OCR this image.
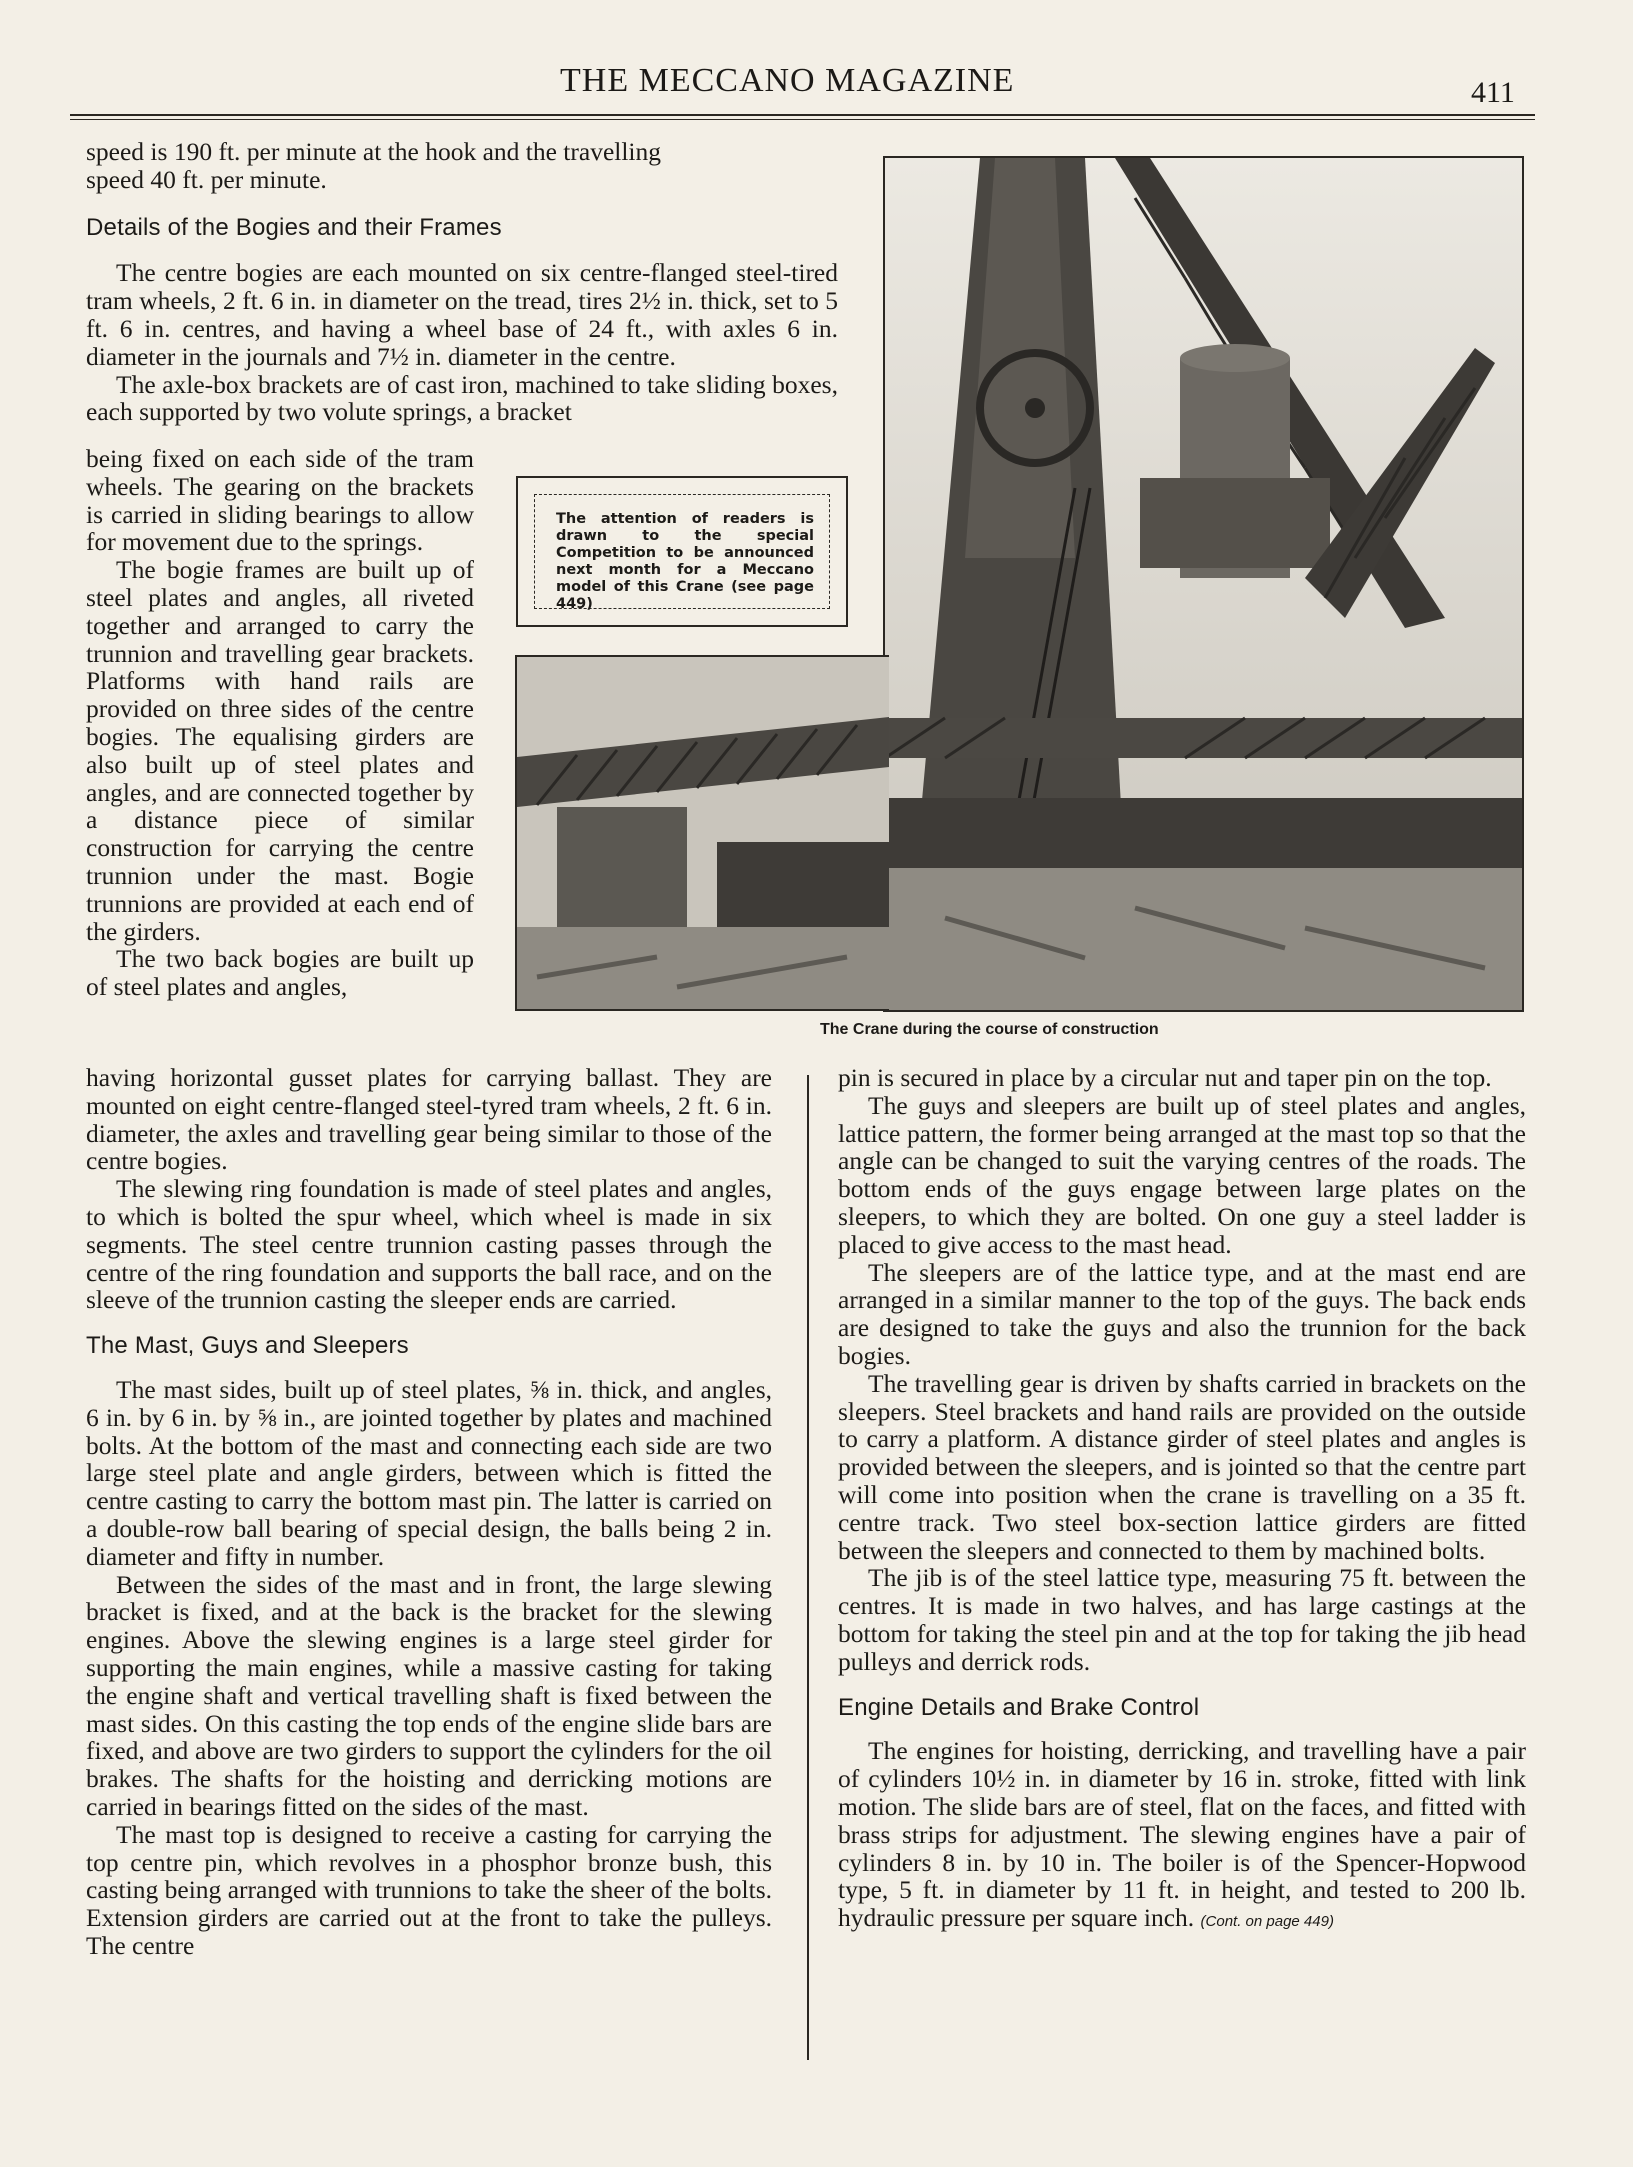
THE MECCANO MAGAZINE	411

speed is 190 ft. per minute at the hook and the travelling

speed 40 ft. per minute.

Details of the Bogies and their Frames

The centre bogies are each mounted on six centre-flanged steel-tired tram wheels, 2 ft. 6 in. in diameter on the tread, tires 2½ in. thick, set to 5 ft. 6 in. centres, and having a wheel base of 24 ft., with axles 6 in. diameter in the journals and 7½ in. diameter in the centre.

The axle-box brackets are of cast iron, machined to take sliding boxes, each supported by two volute springs, a bracket

being fixed on each side of the tram wheels. The gearing on the brackets is carried in sliding bearings to allow for movement due to the springs.

The bogie frames are built up of steel plates and angles, all riveted together and arranged to carry the trunnion and travelling gear brackets. Platforms with hand rails are provided on three sides of the centre bogies. The equalising girders are also built up of steel plates and angles, and are connected together by a distance piece of similar construction for carrying the centre trunnion under the mast. Bogie trunnions are provided at each end of the girders.

The two back bogies are built up of steel plates and angles,

The attention of readers is drawn to the special Competition to be announced next month for a Meccano model of this Crane (see page 449)
The Crane during the course of construction

having horizontal gusset plates for carrying ballast. They are mounted on eight centre-flanged steel-tyred tram wheels, 2 ft. 6 in. diameter, the axles and travelling gear being similar to those of the centre bogies.

The slewing ring foundation is made of steel plates and angles, to which is bolted the spur wheel, which wheel is made in six segments. The steel centre trunnion casting passes through the centre of the ring foundation and supports the ball race, and on the sleeve of the trunnion casting the sleeper ends are carried.

The Mast, Guys and Sleepers

The mast sides, built up of steel plates, ⅝ in. thick, and angles, 6 in. by 6 in. by ⅝ in., are jointed together by plates and machined bolts. At the bottom of the mast and connecting each side are two large steel plate and angle girders, between which is fitted the centre casting to carry the bottom mast pin. The latter is carried on a double-row ball bearing of special design, the balls being 2 in. diameter and fifty in number.

Between the sides of the mast and in front, the large slewing bracket is fixed, and at the back is the bracket for the slewing engines. Above the slewing engines is a large steel girder for supporting the main engines, while a massive casting for taking the engine shaft and vertical travelling shaft is fixed between the mast sides. On this casting the top ends of the engine slide bars are fixed, and above are two girders to support the cylinders for the oil brakes. The shafts for the hoisting and derricking motions are carried in bearings fitted on the sides of the mast.

The mast top is designed to receive a casting for carrying the top centre pin, which revolves in a phosphor bronze bush, this casting being arranged with trunnions to take the sheer of the bolts. Extension girders are carried out at the front to take the pulleys. The centre

pin is secured in place by a circular nut and taper pin on the top.

The guys and sleepers are built up of steel plates and angles, lattice pattern, the former being arranged at the mast top so that the angle can be changed to suit the varying centres of the roads. The bottom ends of the guys engage between large plates on the sleepers, to which they are bolted. On one guy a steel ladder is placed to give access to the mast head.

The sleepers are of the lattice type, and at the mast end are arranged in a similar manner to the top of the guys. The back ends are designed to take the guys and also the trunnion for the back bogies.

The travelling gear is driven by shafts carried in brackets on the sleepers. Steel brackets and hand rails are provided on the outside to carry a platform. A distance girder of steel plates and angles is provided between the sleepers, and is jointed so that the centre part will come into position when the crane is travelling on a 35 ft. centre track. Two steel box-section lattice girders are fitted between the sleepers and connected to them by machined bolts.

The jib is of the steel lattice type, measuring 75 ft. between the centres. It is made in two halves, and has large castings at the bottom for taking the steel pin and at the top for taking the jib head pulleys and derrick rods.

Engine Details and Brake Control

The engines for hoisting, derricking, and travelling have a pair of cylinders 10½ in. in diameter by 16 in. stroke, fitted with link motion. The slide bars are of steel, flat on the faces, and fitted with brass strips for adjustment. The slewing engines have a pair of cylinders 8 in. by 10 in. The boiler is of the Spencer-Hopwood type, 5 ft. in diameter by 11 ft. in height, and tested to 200 lb. hydraulic pressure per square inch. (Cont. on page 449)
